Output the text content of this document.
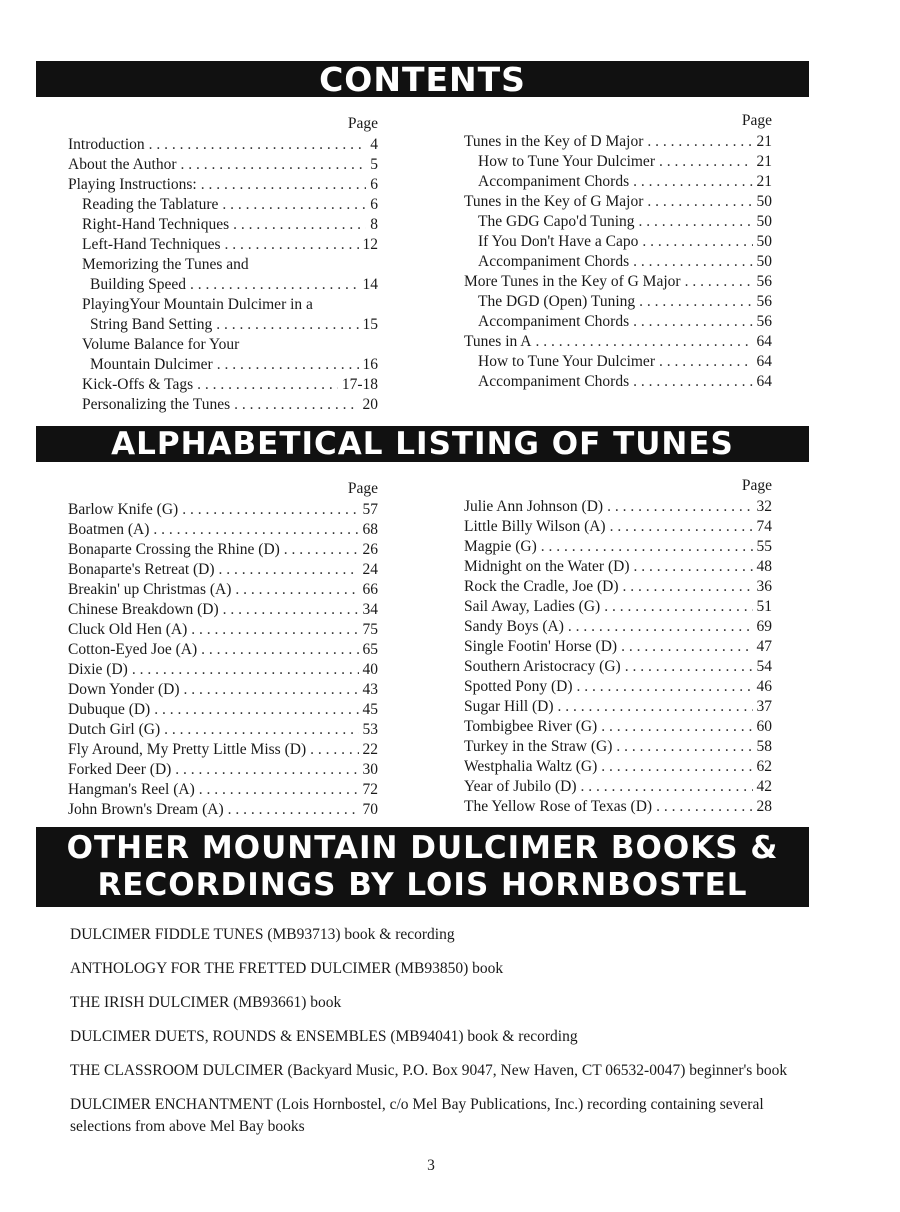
CONTENTS
Page
Introduction . . .	4
About the Author . . .	5
Playing Instructions: . . .	6
Reading the Tablature . . .	6
Right-Hand Techniques . . .	8
Left-Hand Techniques . . .	12
Memorizing the Tunes and
Building Speed . . .	14
PlayingYour Mountain Dulcimer in a
String Band Setting . . .	15
Volume Balance for Your
Mountain Dulcimer . . .	16
Kick-Offs & Tags . . .	17-18
Personalizing the Tunes . . .	20
Page
Tunes in the Key of D Major . . .	21
How to Tune Your Dulcimer . . .	21
Accompaniment Chords . . .	21
Tunes in the Key of G Major . . .	50
The GDG Capo'd Tuning . . .	50
If You Don't Have a Capo . . .	50
Accompaniment Chords . . .	50
More Tunes in the Key of G Major . . .	56
The DGD (Open) Tuning . . .	56
Accompaniment Chords . . .	56
Tunes in A . . .	64
How to Tune Your Dulcimer . . .	64
Accompaniment Chords . . .	64
ALPHABETICAL LISTING OF TUNES
Page
Barlow Knife (G) . . .	57
Boatmen (A) . . .	68
Bonaparte Crossing the Rhine (D) . . .	26
Bonaparte's Retreat (D) . . .	24
Breakin' up Christmas (A) . . .	66
Chinese Breakdown (D) . . .	34
Cluck Old Hen (A) . . .	75
Cotton-Eyed Joe (A) . . .	65
Dixie (D) . . .	40
Down Yonder (D) . . .	43
Dubuque (D) . . .	45
Dutch Girl (G) . . .	53
Fly Around, My Pretty Little Miss (D) . . .	22
Forked Deer (D) . . .	30
Hangman's Reel (A) . . .	72
John Brown's Dream (A) . . .	70
Page
Julie Ann Johnson (D) . . .	32
Little Billy Wilson (A) . . .	74
Magpie (G) . . .	55
Midnight on the Water (D) . . .	48
Rock the Cradle, Joe (D) . . .	36
Sail Away, Ladies (G) . . .	51
Sandy Boys (A) . . .	69
Single Footin' Horse (D) . . .	47
Southern Aristocracy (G) . . .	54
Spotted Pony (D) . . .	46
Sugar Hill (D) . . .	37
Tombigbee River (G) . . .	60
Turkey in the Straw (G) . . .	58
Westphalia Waltz (G) . . .	62
Year of Jubilo (D) . . .	42
The Yellow Rose of Texas (D) . . .	28
OTHER MOUNTAIN DULCIMER BOOKS &
RECORDINGS BY LOIS HORNBOSTEL

DULCIMER FIDDLE TUNES (MB93713) book & recording

ANTHOLOGY FOR THE FRETTED DULCIMER (MB93850) book

THE IRISH DULCIMER (MB93661) book

DULCIMER DUETS, ROUNDS & ENSEMBLES (MB94041) book & recording

THE CLASSROOM DULCIMER (Backyard Music, P.O. Box 9047, New Haven, CT 06532-0047) beginner's book

DULCIMER ENCHANTMENT (Lois Hornbostel, c/o Mel Bay Publications, Inc.) recording containing several selections from above Mel Bay books

3
